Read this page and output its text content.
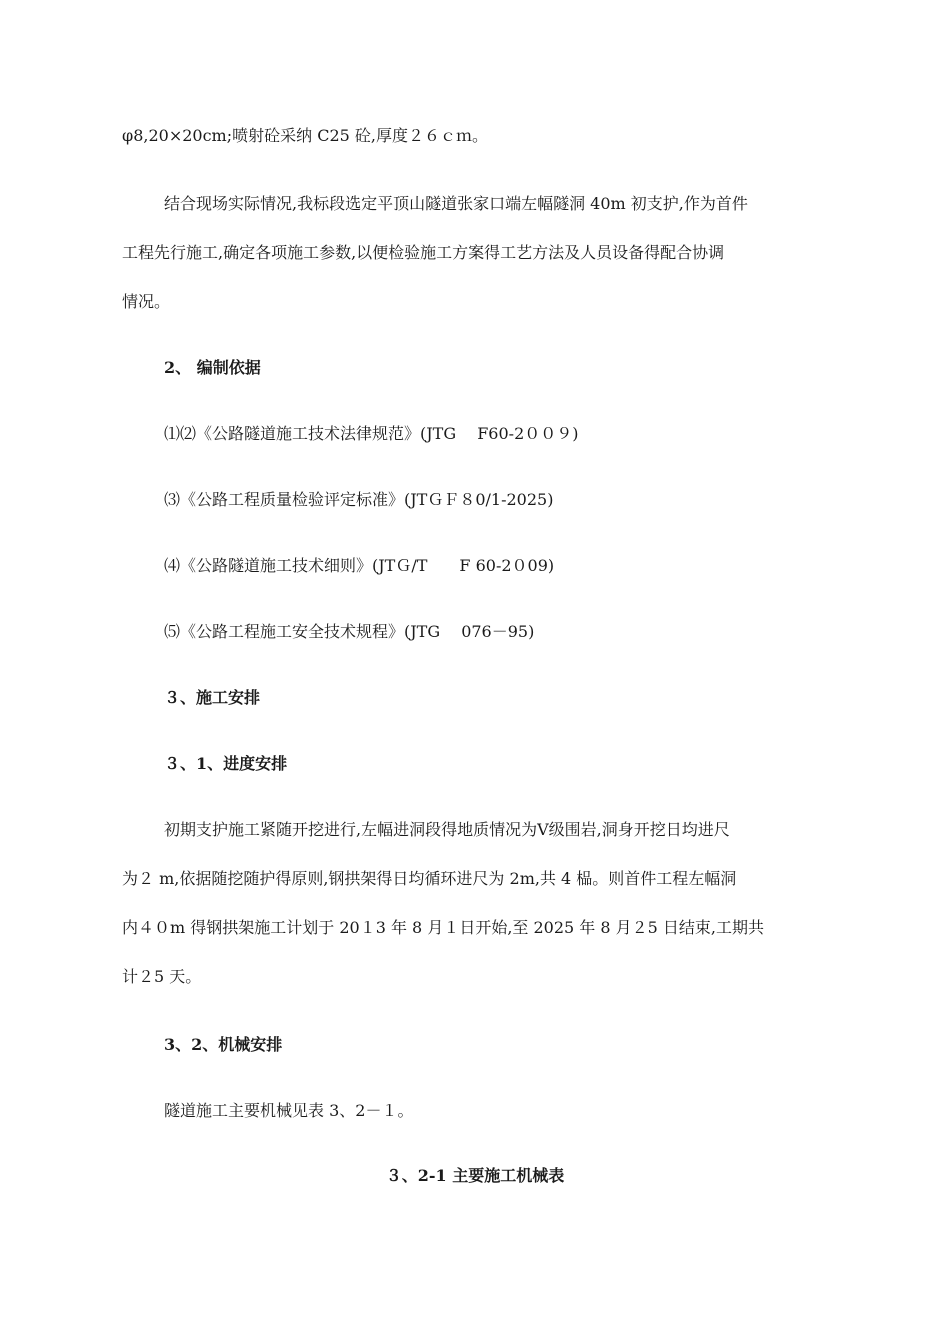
φ8,20×20cm;喷射砼采纳 C25 砼,厚度２６ｃｍ。
结合现场实际情况,我标段选定平顶山隧道张家口端左幅隧洞 40m 初支护,作为首件
工程先行施工,确定各项施工参数,以便检验施工方案得工艺方法及人员设备得配合协调
情况。
2、 编制依据
⑴⑵《公路隧道施工技术法律规范》(JTG　 F60-2００９)
⑶《公路工程质量检验评定标准》(JTＧＦ８0/1-2025)
⑷《公路隧道施工技术细则》(JTＧ/T　　F 60-2０09)
⑸《公路工程施工安全技术规程》(JTG　 076－95)
３、施工安排
３、1、进度安排
初期支护施工紧随开挖进行,左幅进洞段得地质情况为Ⅴ级围岩,洞身开挖日均进尺
为２ m,依据随挖随护得原则,钢拱架得日均循环进尺为 2m,共 4 榀。则首件工程左幅洞
内４０m 得钢拱架施工计划于 20１3 年 8 月１日开始,至 2025 年 8 月２5 日结束,工期共
计２5 天。
3、2、机械安排
隧道施工主要机械见表 3、2－１。
３、2-1 主要施工机械表
